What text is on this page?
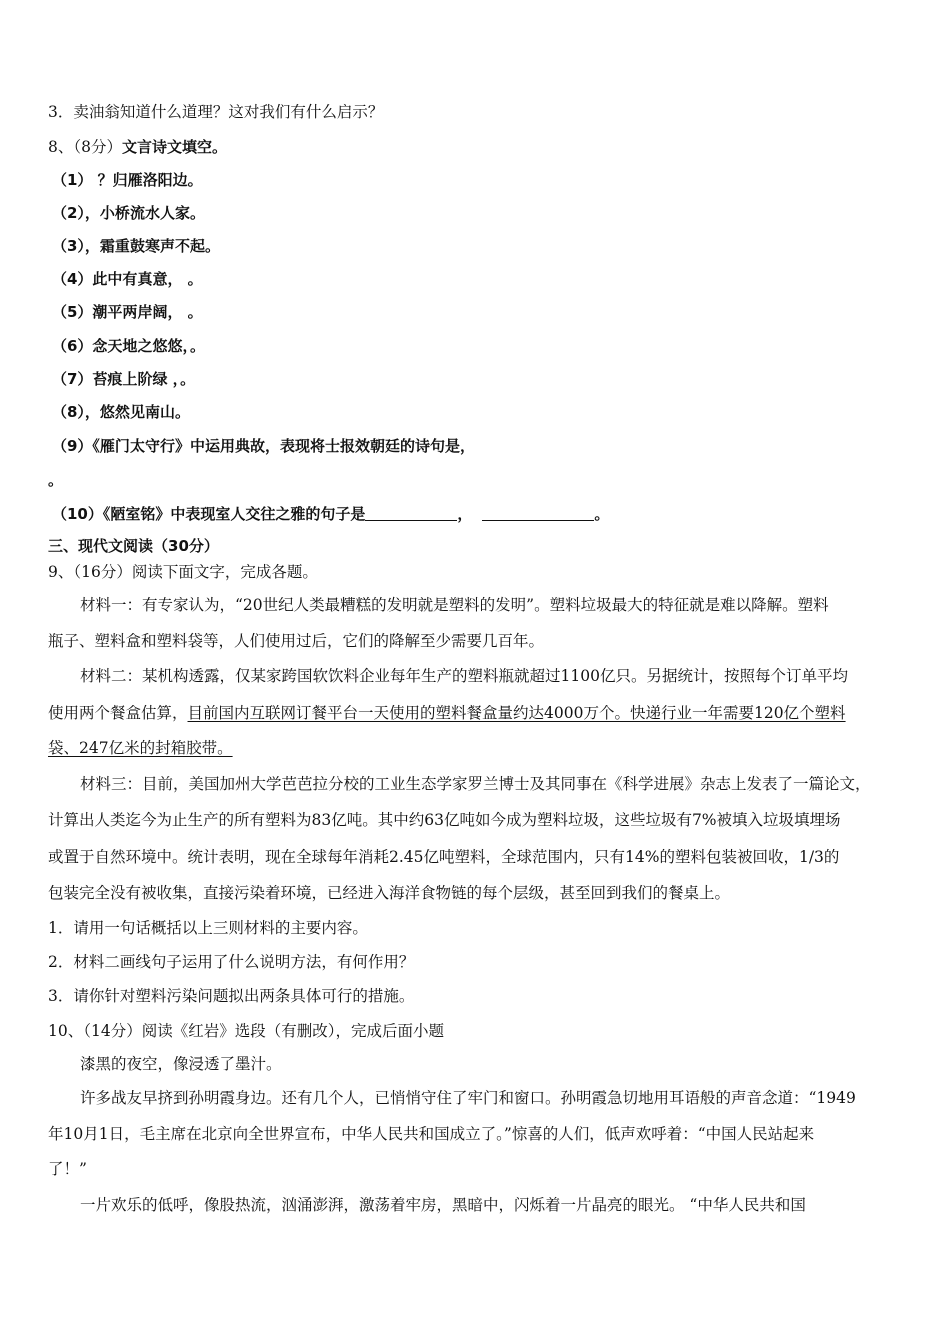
3．卖油翁知道什么道理？这对我们有什么启示？
8、（8分）文言诗文填空。
（1） ？归雁洛阳边。
（2），小桥流水人家。
（3），霜重鼓寒声不起。
（4）此中有真意， 。
（5）潮平两岸阔， 。
（6）念天地之悠悠，。
（7）苔痕上阶绿 ，。
（8），悠然见南山。
（9）《雁门太守行》中运用典故，表现将士报效朝廷的诗句是，
。
（10）《陋室铭》中表现室人交往之雅的句子是	，	。
三、现代文阅读（30分）
9、（16分）阅读下面文字，完成各题。
材料一：有专家认为，“20世纪人类最糟糕的发明就是塑料的发明”。塑料垃圾最大的特征就是难以降解。塑料
瓶子、塑料盒和塑料袋等，人们使用过后，它们的降解至少需要几百年。
材料二：某机构透露，仅某家跨国软饮料企业每年生产的塑料瓶就超过1100亿只。另据统计，按照每个订单平均
使用两个餐盒估算，目前国内互联网订餐平台一天使用的塑料餐盒量约达4000万个。快递行业一年需要120亿个塑料
袋、247亿米的封箱胶带。
材料三：目前，美国加州大学芭芭拉分校的工业生态学家罗兰博士及其同事在《科学进展》杂志上发表了一篇论文，
计算出人类迄今为止生产的所有塑料为83亿吨。其中约63亿吨如今成为塑料垃圾，这些垃圾有7%被填入垃圾填埋场
或置于自然环境中。统计表明，现在全球每年消耗2.45亿吨塑料，全球范围内，只有14%的塑料包装被回收，1/3的
包装完全没有被收集，直接污染着环境，已经进入海洋食物链的每个层级，甚至回到我们的餐桌上。
1．请用一句话概括以上三则材料的主要内容。
2．材料二画线句子运用了什么说明方法，有何作用？
3．请你针对塑料污染问题拟出两条具体可行的措施。
10、（14分）阅读《红岩》选段（有删改），完成后面小题
漆黑的夜空，像浸透了墨汁。
许多战友早挤到孙明霞身边。还有几个人，已悄悄守住了牢门和窗口。孙明霞急切地用耳语般的声音念道：“1949
年10月1日，毛主席在北京向全世界宣布，中华人民共和国成立了。”惊喜的人们，低声欢呼着：“中国人民站起来
了！”
一片欢乐的低呼，像股热流，汹涌澎湃，激荡着牢房，黑暗中，闪烁着一片晶亮的眼光。 “中华人民共和国
